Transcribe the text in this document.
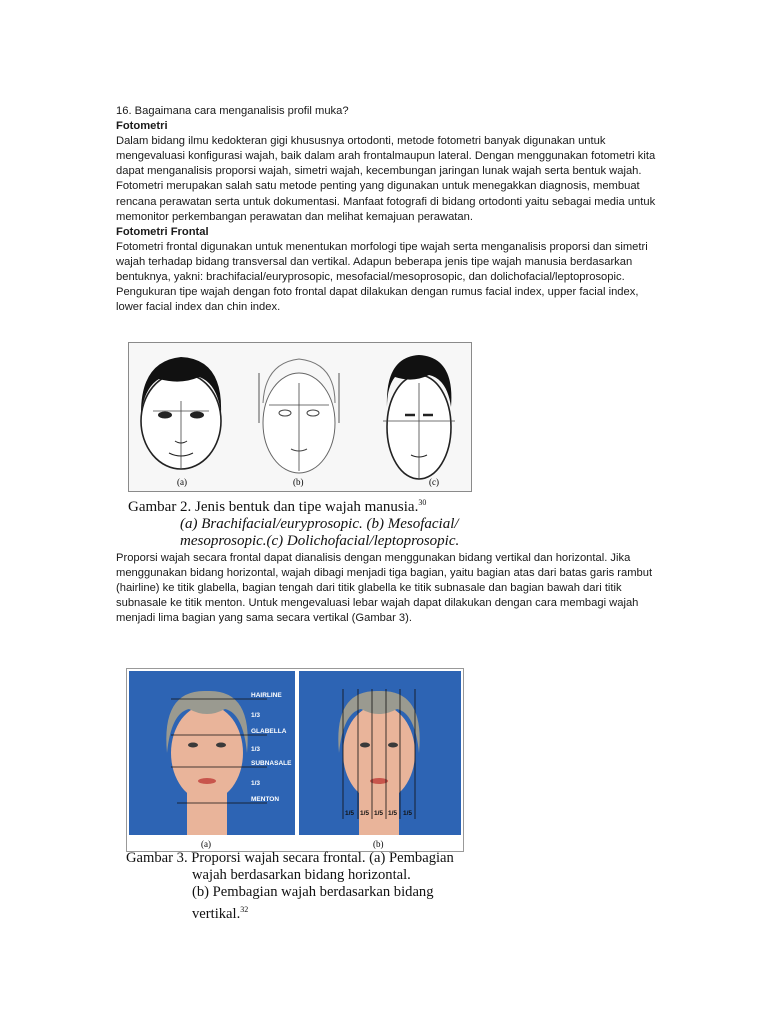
16. Bagaimana cara menganalisis profil muka?

Fotometri

Dalam bidang ilmu kedokteran gigi khususnya ortodonti, metode fotometri banyak digunakan untuk mengevaluasi konfigurasi wajah, baik dalam arah frontalmaupun lateral. Dengan menggunakan fotometri kita dapat menganalisis proporsi wajah, simetri wajah, kecembungan jaringan lunak wajah serta bentuk wajah. Fotometri merupakan salah satu metode penting yang digunakan untuk menegakkan diagnosis, membuat rencana perawatan serta untuk dokumentasi. Manfaat fotografi di bidang ortodonti yaitu sebagai media untuk memonitor perkembangan perawatan dan melihat kemajuan perawatan.

Fotometri Frontal

Fotometri frontal digunakan untuk menentukan morfologi tipe wajah serta menganalisis proporsi dan simetri wajah terhadap bidang transversal dan vertikal. Adapun beberapa jenis tipe wajah manusia berdasarkan bentuknya, yakni: brachifacial/euryprosopic, mesofacial/mesoprosopic, dan dolichofacial/leptoprosopic. Pengukuran tipe wajah dengan foto frontal dapat dilakukan dengan rumus facial index, upper facial index, lower facial index dan chin index.

(a)	(b)	(c)
Gambar 2. Jenis bentuk dan tipe wajah manusia.$^{30}$
(a) Brachifacial/euryprosopic. (b) Mesofacial/
mesoprosopic.(c) Dolichofacial/leptoprosopic.

Proporsi wajah secara frontal dapat dianalisis dengan menggunakan bidang vertikal dan horizontal. Jika menggunakan bidang horizontal, wajah dibagi menjadi tiga bagian, yaitu bagian atas dari batas garis rambut (hairline) ke titik glabella, bagian tengah dari titik glabella ke titik subnasale dan bagian bawah dari titik subnasale ke titik menton. Untuk mengevaluasi lebar wajah dapat dilakukan dengan cara membagi wajah menjadi lima bagian yang sama secara vertikal (Gambar 3).

HAIRLINE
1/3
GLABELLA
1/3
SUBNASALE
1/3
MENTON
1/5 1/5 1/5 1/5 1/5
(a)	(b)
Gambar 3. Proporsi wajah secara frontal. (a) Pembagian
wajah berdasarkan bidang horizontal.
(b) Pembagian wajah berdasarkan bidang
vertikal.$^{32}$
